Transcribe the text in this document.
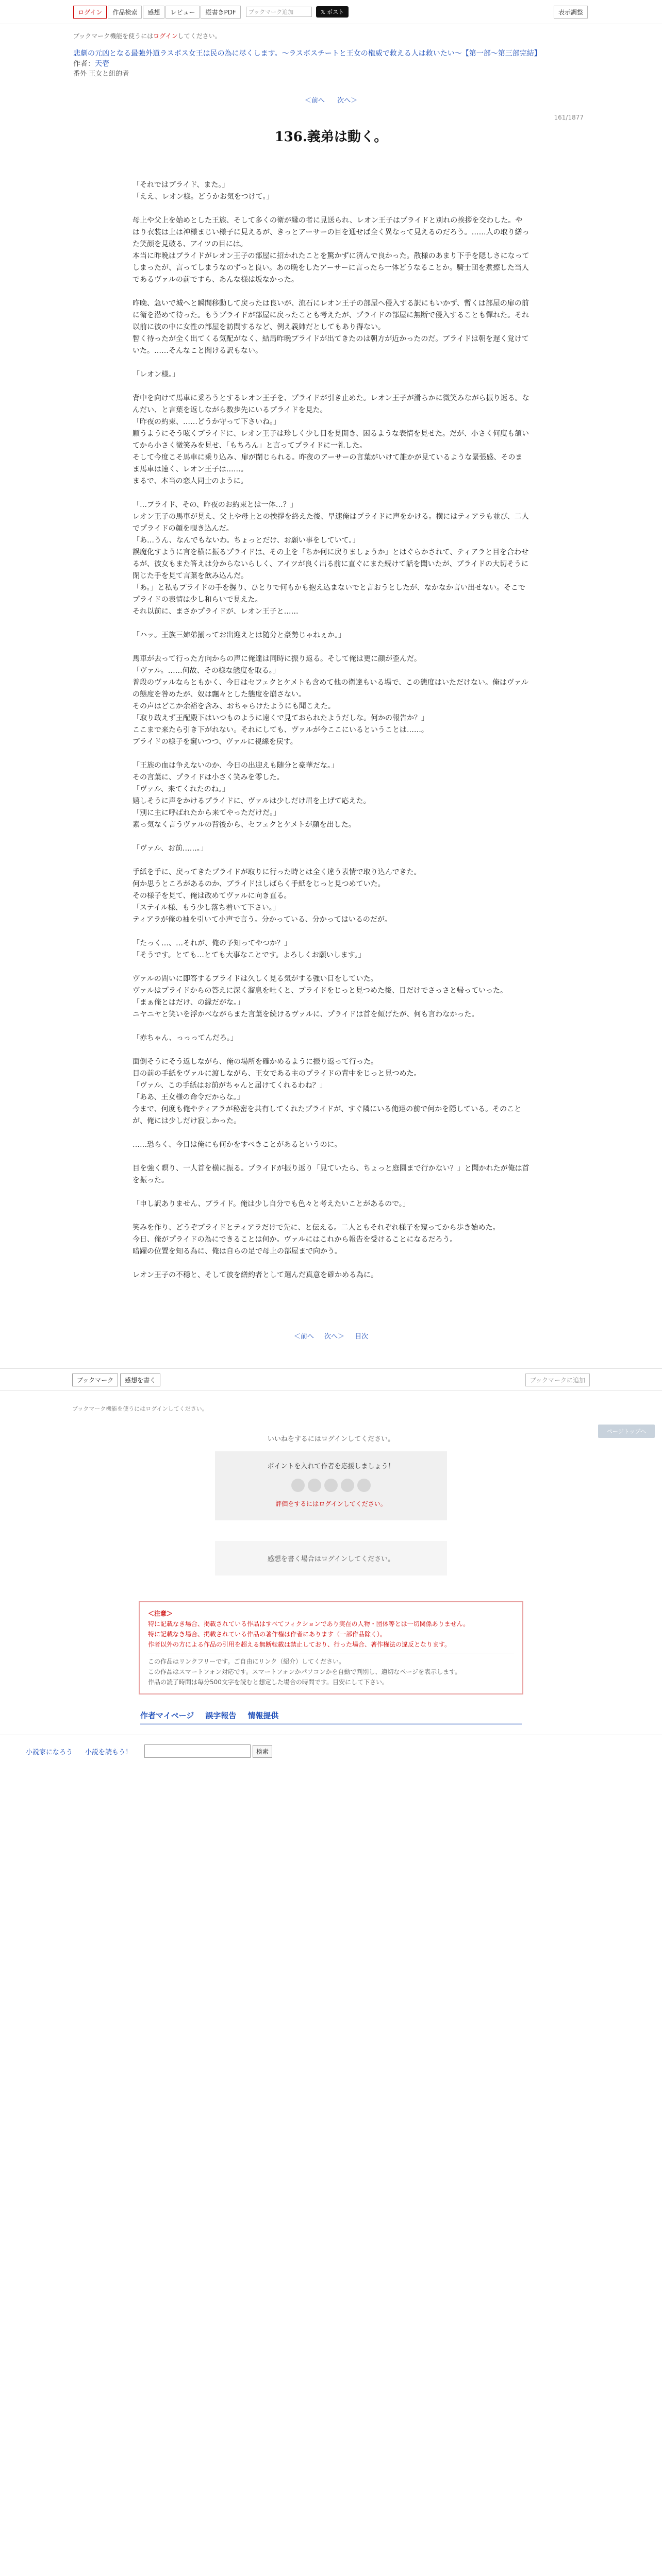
ログイン	作品検索	感想	レビュー	縦書きPDF	ブックマーク追加	𝕏 ポスト	表示調整
ブックマーク機能を使うにはログインしてください。
悲劇の元凶となる最強外道ラスボス女王は民の為に尽くします。～ラスボスチートと王女の権威で救える人は救いたい～【第一部～第三部完結】
作者：天壱
番外 王女と紐的者
＜前へ 次へ＞
161/1877
136.義弟は動く。

「それではプライド、また。」

「ええ、レオン様。どうかお気をつけて。」

母上や父上を始めとした王族、そして多くの衛が縁の者に見送られ、レオン王子はプライドと別れの挨拶を交わした。やはり衣装は上は神様まじい様子に見えるが、きっとアーサーの目を通せば全く異なって見えるのだろう。……人の取り繕った笑顔を見破る、アイツの目には。

本当に昨晩はプライドがレオン王子の部屋に招かれたことを驚かずに済んで良かった。散様のあまり下手を隠しさになってしまったが、言ってしまうなのずっと良い。あの晩をしたアーサーに言ったら一体どうなることか。騎士団を煮擦した当人であるヴァルの前ですら、あんな様は坂なかった。

昨晩、急いで城へと瞬間移動して戻ったは良いが、流石にレオン王子の部屋へ侵入する訳にもいかず、暫くは部屋の扉の前に衛を潜めて待った。もうプライドが部屋に戻ったことも考えたが、プライドの部屋に無断で侵入することも憚れた。それ以前に彼の中に女性の部屋を訪問するなど、例え義姉だとしてもあり得ない。

暫く待ったが全く出てくる気配がなく、結局昨晩プライドが出てきたのは朝方が近かったのだ。プライドは朝を遅く覚けていた。……そんなこと聞ける訳もない。

「レオン様。」

背中を向けて馬車に乗ろうとするレオン王子を、プライドが引き止めた。レオン王子が滑らかに微笑みながら振り返る。なんだい、と言葉を返しながら数歩先にいるプライドを見た。

「昨夜の約束、……どうか守って下さいね。」

願うようにそう呟くプライドに、レオン王子は珍しく少し目を見開き、困るような表情を見せた。だが、小さく何度も頷いてから小さく微笑みを見せ、「もちろん」と言ってプライドに一礼した。

そして今度こそ馬車に乗り込み、扉が閉じられる。昨夜のアーサーの言葉がいけて誰かが見ているような緊張感、そのまま馬車は速く、レオン王子は……。

まるで、本当の恋人同士のように。

「…プライド、その、昨夜のお約束とは一体…？」

レオン王子の馬車が見え、父上や母上との挨拶を終えた後、早速俺はプライドに声をかける。横にはティアラも並び、二人でプライドの顔を覗き込んだ。

「あ…うん、なんでもないわ。ちょっとだけ、お願い事をしていて。」

誤魔化すように言を横に振るプライドは、その上を「ちか何に戻りましょうか」とはぐらかされて、ティアラと目を合わせるが、彼女もまた答えは分からないらしく、アイツが良く出る前に直ぐにまた続けて話を聞いたが、プライドの大切そうに閉じた手を見て言葉を飲み込んだ。

「あ。」と私もプライドの手を握り、ひとりで何もかも抱え込まないでと言おうとしたが、なかなか言い出せない。そこでプライドの表情は少し和らいで見えた。

それ以前に、まさかプライドが、レオン王子と……

「ハッ。王族三姉弟揃ってお出迎えとは随分と豪勢じゃねぇか。」

馬車が去って行った方向からの声に俺達は同時に振り返る。そして俺は更に顔が歪んだ。

「ヴァル。……何故、その様な態度を取る。」

普段のヴァルならともかく、今日はセフェクとケメトも含めて他の衛達もいる場で、この態度はいただけない。俺はヴァルの態度を咎めたが、奴は飄々とした態度を崩さない。

その声はどこか余裕を含み、おちゃらけたようにも聞こえた。

「取り敢えず王配殿下はいつものように遠くで見ておられたようだしな。何かの報告か？」

ここまで来たら引き下がれない。それにしても、ヴァルが今ここにいるということは……。

プライドの様子を窺いつつ、ヴァルに視線を戻す。

「王族の血は争えないのか、今日の出迎えも随分と豪華だな。」

その言葉に、プライドは小さく笑みを零した。

「ヴァル、来てくれたのね。」

嬉しそうに声をかけるプライドに、ヴァルは少しだけ眉を上げて応えた。

「別に主に呼ばれたから来てやっただけだ。」

素っ気なく言うヴァルの背後から、セフェクとケメトが顔を出した。

「ヴァル、お前……。」

手紙を手に、戻ってきたプライドが取りに行った時とは全く違う表情で取り込んできた。

何か思うところがあるのか、プライドはしばらく手紙をじっと見つめていた。

その様子を見て、俺は改めてヴァルに向き直る。

「ステイル様、もう少し落ち着いて下さい。」

ティアラが俺の袖を引いて小声で言う。分かっている、分かってはいるのだが。

「たっく…、…それが、俺の予知ってやつか？」

「そうです。とても…とても大事なことです。よろしくお願いします。」

ヴァルの問いに即答するプライドは久しく見る気がする強い目をしていた。

ヴァルはプライドからの答えに深く溜息を吐くと、プライドをじっと見つめた後、目だけでさっさと帰っていった。

「まぁ俺とはだけ、の縁だがな。」

ニヤニヤと笑いを浮かべながらまた言葉を続けるヴァルに、プライドは首を傾げたが、何も言わなかった。

「赤ちゃん、っっってんだろ。」

面倒そうにそう返しながら、俺の場所を確かめるように振り返って行った。

目の前の手紙をヴァルに渡しながら、王女である主のプライドの背中をじっと見つめた。

「ヴァル、この手紙はお前がちゃんと届けてくれるわね？」

「ああ、王女様の命令だからな。」

今まで、何度も俺やティアラが秘密を共有してくれたプライドが、すぐ隣にいる俺達の前で何かを隠している。そのことが、俺には少しだけ寂しかった。

……恐らく、今日は俺にも何かをすべきことがあるというのに。

目を強く瞑り、一人首を横に振る。プライドが振り返り「見ていたら、ちょっと庭園まで行かない？」と聞かれたが俺は首を振った。

「申し訳ありません、プライド。俺は少し自分でも色々と考えたいことがあるので。」

笑みを作り、どうぞプライドとティアラだけで先に、と伝える。二人ともそれぞれ様子を窺ってから歩き始めた。

今日、俺がプライドの為にできることは何か。ヴァルにはこれから報告を受けることになるだろう。

暗躍の位置を知る為に、俺は自らの足で母上の部屋まで向かう。

レオン王子の不穏と、そして彼を繕約者として選んだ真意を確かめる為に。

＜前へ 次へ＞ 目次
ブックマーク	感想を書く	ブックマークに追加
ブックマーク機能を使うにはログインしてください。
いいねをするにはログインしてください。
ポイントを入れて作者を応援しましょう！
評価をするにはログインしてください。
感想を書く場合はログインしてください。
＜注意＞
特に記載なき場合、掲載されている作品はすべてフィクションであり実在の人物・団体等とは一切関係ありません。
特に記載なき場合、掲載されている作品の著作権は作者にあります（一部作品除く）。
作者以外の方による作品の引用を超える無断転載は禁止しており、行った場合、著作権法の違反となります。
この作品はリンクフリーです。ご自由にリンク（紹介）してください。
この作品はスマートフォン対応です。スマートフォンかパソコンかを自動で判別し、適切なページを表示します。
作品の読了時間は毎分500文字を読むと想定した場合の時間です。目安にして下さい。
作者マイページ 誤字報告 情報提供
小説家になろう 小説を読もう！	検索
ページトップへ
